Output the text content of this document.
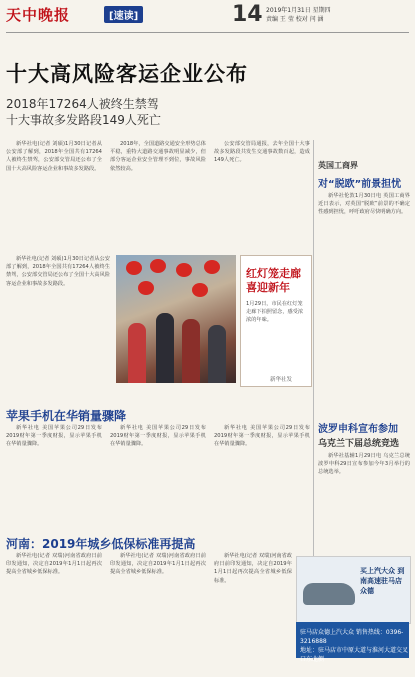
天中晚报	[速读]	14 2019年1月31日 星期四
责编 王 莹 校对 闫 涵
十大高风险客运企业公布
2018年17264人被终生禁驾
十大事故多发路段149人死亡

新华社电(记者 刘硕)1月30日记者从公安部了解到，2018年全国共有17264人被终生禁驾，公安部交管局还公布了全国十大高风险客运企业和事故多发路段。

2018年，全国道路交通安全形势总体平稳，重特大道路交通事故明显减少，但部分客运企业安全管理不到位，事故风险依然较高。

公安部交管局通报，去年全国十大事故多发路段共发生交通事故数百起，造成149人死亡。

新华社电(记者 刘硕)1月30日记者从公安部了解到，2018年全国共有17264人被终生禁驾，公安部交管局还公布了全国十大高风险客运企业和事故多发路段。

红灯笼走廊喜迎新年
1月29日，市民在红灯笼走廊下拍照留念，感受浓浓的年味。
新华社发
苹果手机在华销量骤降

新华社电 美国苹果公司29日发布2019财年第一季度财报，显示苹果手机在华销量骤降。

新华社电 美国苹果公司29日发布2019财年第一季度财报，显示苹果手机在华销量骤降。

新华社电 美国苹果公司29日发布2019财年第一季度财报，显示苹果手机在华销量骤降。

河南：2019年城乡低保标准再提高

新华社电(记者 双瑞)河南省政府日前印发通知，决定自2019年1月1日起再次提高全省城乡低保标准。

新华社电(记者 双瑞)河南省政府日前印发通知，决定自2019年1月1日起再次提高全省城乡低保标准。

新华社电(记者 双瑞)河南省政府日前印发通知，决定自2019年1月1日起再次提高全省城乡低保标准。

英国工商界
对“脱欧”前景担忧

新华社伦敦1月30日电 英国工商界近日表示，对英国“脱欧”前景的不确定性感到担忧，呼吁政府尽快明确方向。

波罗申科宣布参加
乌克兰下届总统竞选

新华社基辅1月29日电 乌克兰总统波罗申科29日宣布参加今年3月举行的总统选举。

买上汽大众 到南高速驻马店众德
驻马店众德上汽大众 销售热线：0396-3216888
地址：驻马店市中原大道与淮河大道交叉口东北侧
